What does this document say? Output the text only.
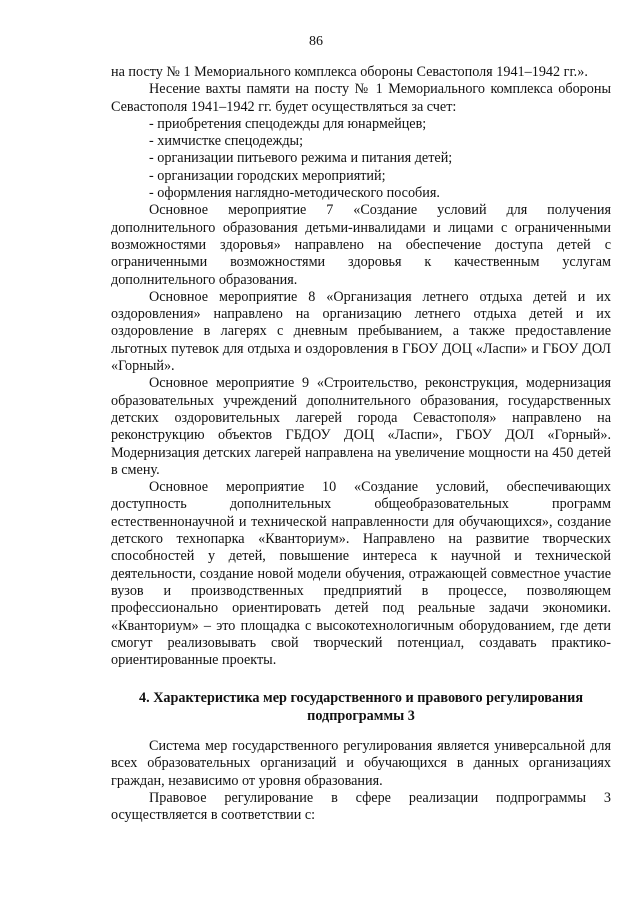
86

на посту № 1 Мемориального комплекса обороны Севастополя 1941–1942 гг.».

Несение вахты памяти на посту № 1 Мемориального комплекса обороны Севастополя 1941–1942 гг. будет осуществляться за счет:

- приобретения спецодежды для юнармейцев;
- химчистке спецодежды;
- организации питьевого режима и питания детей;
- организации городских мероприятий;
- оформления наглядно-методического пособия.

Основное мероприятие 7 «Создание условий для получения дополнительного образования детьми-инвалидами и лицами с ограниченными возможностями здоровья» направлено на обеспечение доступа детей с ограниченными возможностями здоровья к качественным услугам дополнительного образования.

Основное мероприятие 8 «Организация летнего отдыха детей и их оздоровления» направлено на организацию летнего отдыха детей и их оздоровление в лагерях с дневным пребыванием, а также предоставление льготных путевок для отдыха и оздоровления в ГБОУ ДОЦ «Ласпи» и ГБОУ ДОЛ «Горный».

Основное мероприятие 9 «Строительство, реконструкция, модернизация образовательных учреждений дополнительного образования, государственных детских оздоровительных лагерей города Севастополя» направлено на реконструкцию объектов ГБДОУ ДОЦ «Ласпи», ГБОУ ДОЛ «Горный». Модернизация детских лагерей направлена на увеличение мощности на 450 детей в смену.

Основное мероприятие 10 «Создание условий, обеспечивающих доступность дополнительных общеобразовательных программ естественнонаучной и технической направленности для обучающихся», создание детского технопарка «Кванториум». Направлено на развитие творческих способностей у детей, повышение интереса к научной и технической деятельности, создание новой модели обучения, отражающей совместное участие вузов и производственных предприятий в процессе, позволяющем профессионально ориентировать детей под реальные задачи экономики. «Кванториум» – это площадка с высокотехнологичным оборудованием, где дети смогут реализовывать свой творческий потенциал, создавать практико-ориентированные проекты.

4. Характеристика мер государственного и правового регулирования подпрограммы 3

Система мер государственного регулирования является универсальной для всех образовательных организаций и обучающихся в данных организациях граждан, независимо от уровня образования.

Правовое регулирование в сфере реализации подпрограммы 3 осуществляется в соответствии с:
